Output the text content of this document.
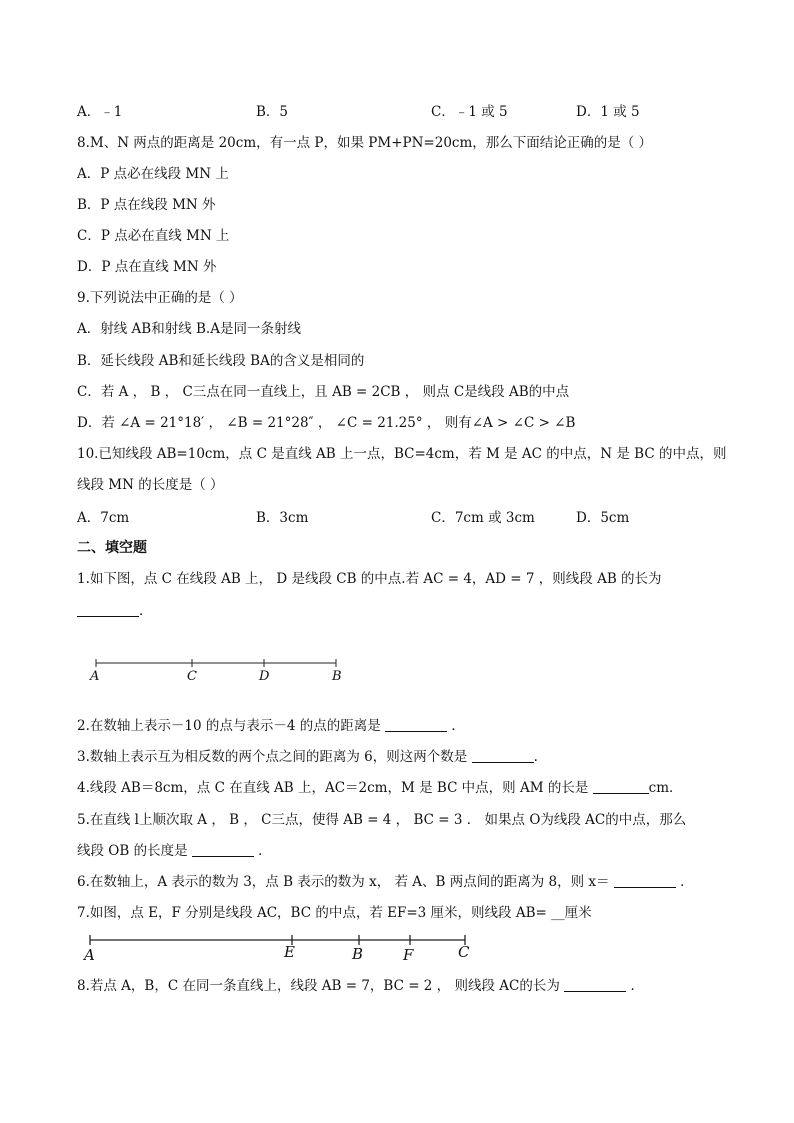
A．﹣1	B．5	C．﹣1 或 5	D．1 或 5
8.M、N 两点的距离是 20cm，有一点 P，如果 PM+PN=20cm，那么下面结论正确的是（ ）
A．P 点必在线段 MN 上
B．P 点在线段 MN 外
C．P 点必在直线 MN 上
D．P 点在直线 MN 外
9.下列说法中正确的是（ ）
A．射线 AB和射线 B.A是同一条射线
B．延长线段 AB和延长线段 BA的含义是相同的
C．若 A ， B ， C三点在同一直线上，且 AB = 2CB ， 则点 C是线段 AB的中点
D．若 ∠A = 21°18′ ， ∠B = 21°28″ ， ∠C = 21.25° ， 则有∠A > ∠C > ∠B
10.已知线段 AB=10cm，点 C 是直线 AB 上一点，BC=4cm，若 M 是 AC 的中点，N 是 BC 的中点，则
线段 MN 的长度是（ ）
A．7cm	B．3cm	C．7cm 或 3cm	D．5cm
二、填空题
1.如下图，点 C 在线段 AB 上， D 是线段 CB 的中点.若 AC = 4，AD = 7 ，则线段 AB 的长为
．
A	C	D	B
A	E	B	F	C
2.在数轴上表示－10 的点与表示－4 的点的距离是	．
3.数轴上表示互为相反数的两个点之间的距离为 6，则这两个数是	.
4.线段 AB＝8cm，点 C 在直线 AB 上，AC＝2cm，M 是 BC 中点，则 AM 的长是	cm．
5.在直线 l上顺次取 A ， B ， C三点，使得 AB = 4 ， BC = 3 ． 如果点 O为线段 AC的中点，那么
线段 OB 的长度是	．
6.在数轴上，A 表示的数为 3，点 B 表示的数为 x， 若 A、B 两点间的距离为 8，则 x＝	．
7.如图，点 E，F 分别是线段 AC，BC 的中点，若 EF=3 厘米，则线段 AB= __厘米
8.若点 A，B，C 在同一条直线上，线段 AB = 7，BC = 2 ， 则线段 AC的长为	．
